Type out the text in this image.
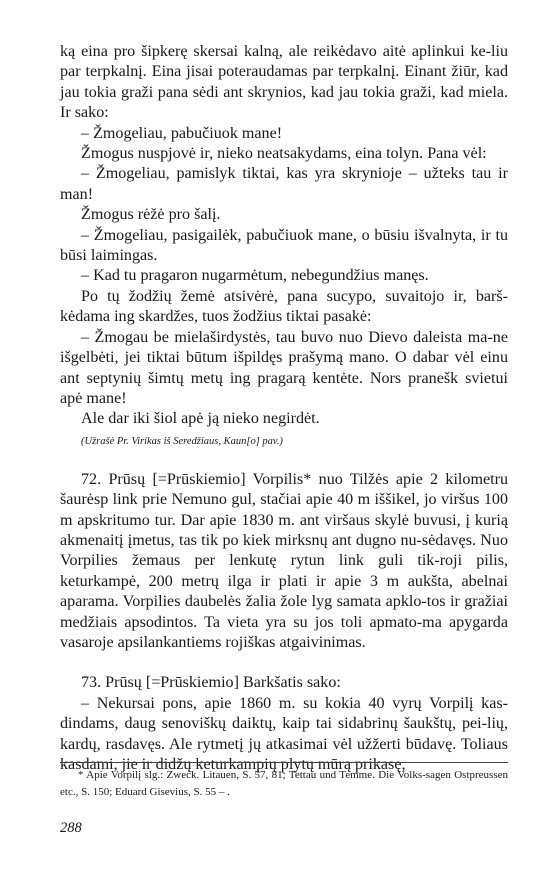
ką eina pro šipkerę skersai kalną, ale reikėdavo aitė aplinkui ke-liu par terpkalnį. Eina jisai poteraudamas par terpkalnį. Einant žiūr, kad jau tokia graži pana sėdi ant skrynios, kad jau tokia graži, kad miela. Ir sako:

– Žmogeliau, pabučiuok mane!

Žmogus nuspjovė ir, nieko neatsakydams, eina tolyn. Pana vėl:

– Žmogeliau, pamislyk tiktai, kas yra skrynioje – užteks tau ir man!

Žmogus rėžė pro šalį.

– Žmogeliau, pasigailėk, pabučiuok mane, o būsiu išvalnyta, ir tu būsi laimingas.

– Kad tu pragaron nugarmėtum, nebegundžius manęs.

Po tų žodžių žemė atsivėrė, pana sucypo, suvaitojo ir, barš-kėdama ing skardžes, tuos žodžius tiktai pasakė:

– Žmogau be mielaširdystės, tau buvo nuo Dievo daleista ma-ne išgelbėti, jei tiktai būtum išpildęs prašymą mano. O dabar vėl einu ant septynių šimtų metų ing pragarą kentėte. Nors pranešk svietui apė mane!

Ale dar iki šiol apė ją nieko negirdėt.

(Užrašė Pr. Virikas iš Seredžiaus, Kaun[o] pav.)

72. Prūsų [=Prūskiemio] Vorpilis* nuo Tilžės apie 2 kilometru šaurėsp link prie Nemuno gul, stačiai apie 40 m iššikel, jo viršus 100 m apskritumo tur. Dar apie 1830 m. ant viršaus skylė buvusi, į kurią akmenaitį įmetus, tas tik po kiek mirksnų ant dugno nu-sėdavęs. Nuo Vorpilies žemaus per lenkutę rytun link guli tik-roji pilis, keturkampė, 200 metrų ilga ir plati ir apie 3 m aukšta, abelnai aparama. Vorpilies daubelės žalia žole lyg samata apklo-tos ir gražiai medžiais apsodintos. Ta vieta yra su jos toli apmato-ma apygarda vasaroje apsilankantiems rojiškas atgaivinimas.

73. Prūsų [=Prūskiemio] Barkšatis sako:

– Nekursai pons, apie 1860 m. su kokia 40 vyrų Vorpilį kas-dindams, daug senoviškų daiktų, kaip tai sidabrinų šaukštų, pei-lių, kardų, rasdavęs. Ale rytmetį jų atkasimai vėl užžerti būdavę. Toliaus kasdami, jie ir didžų keturkampių plytų mūrą prikasę,

* Apie Vorpilį slg.: Zweck. Litauen, S. 57, 81; Tettau und Temme. Die Volks-sagen Ostpreussen etc., S. 150; Eduard Gisevius, S. 55 – .

288
